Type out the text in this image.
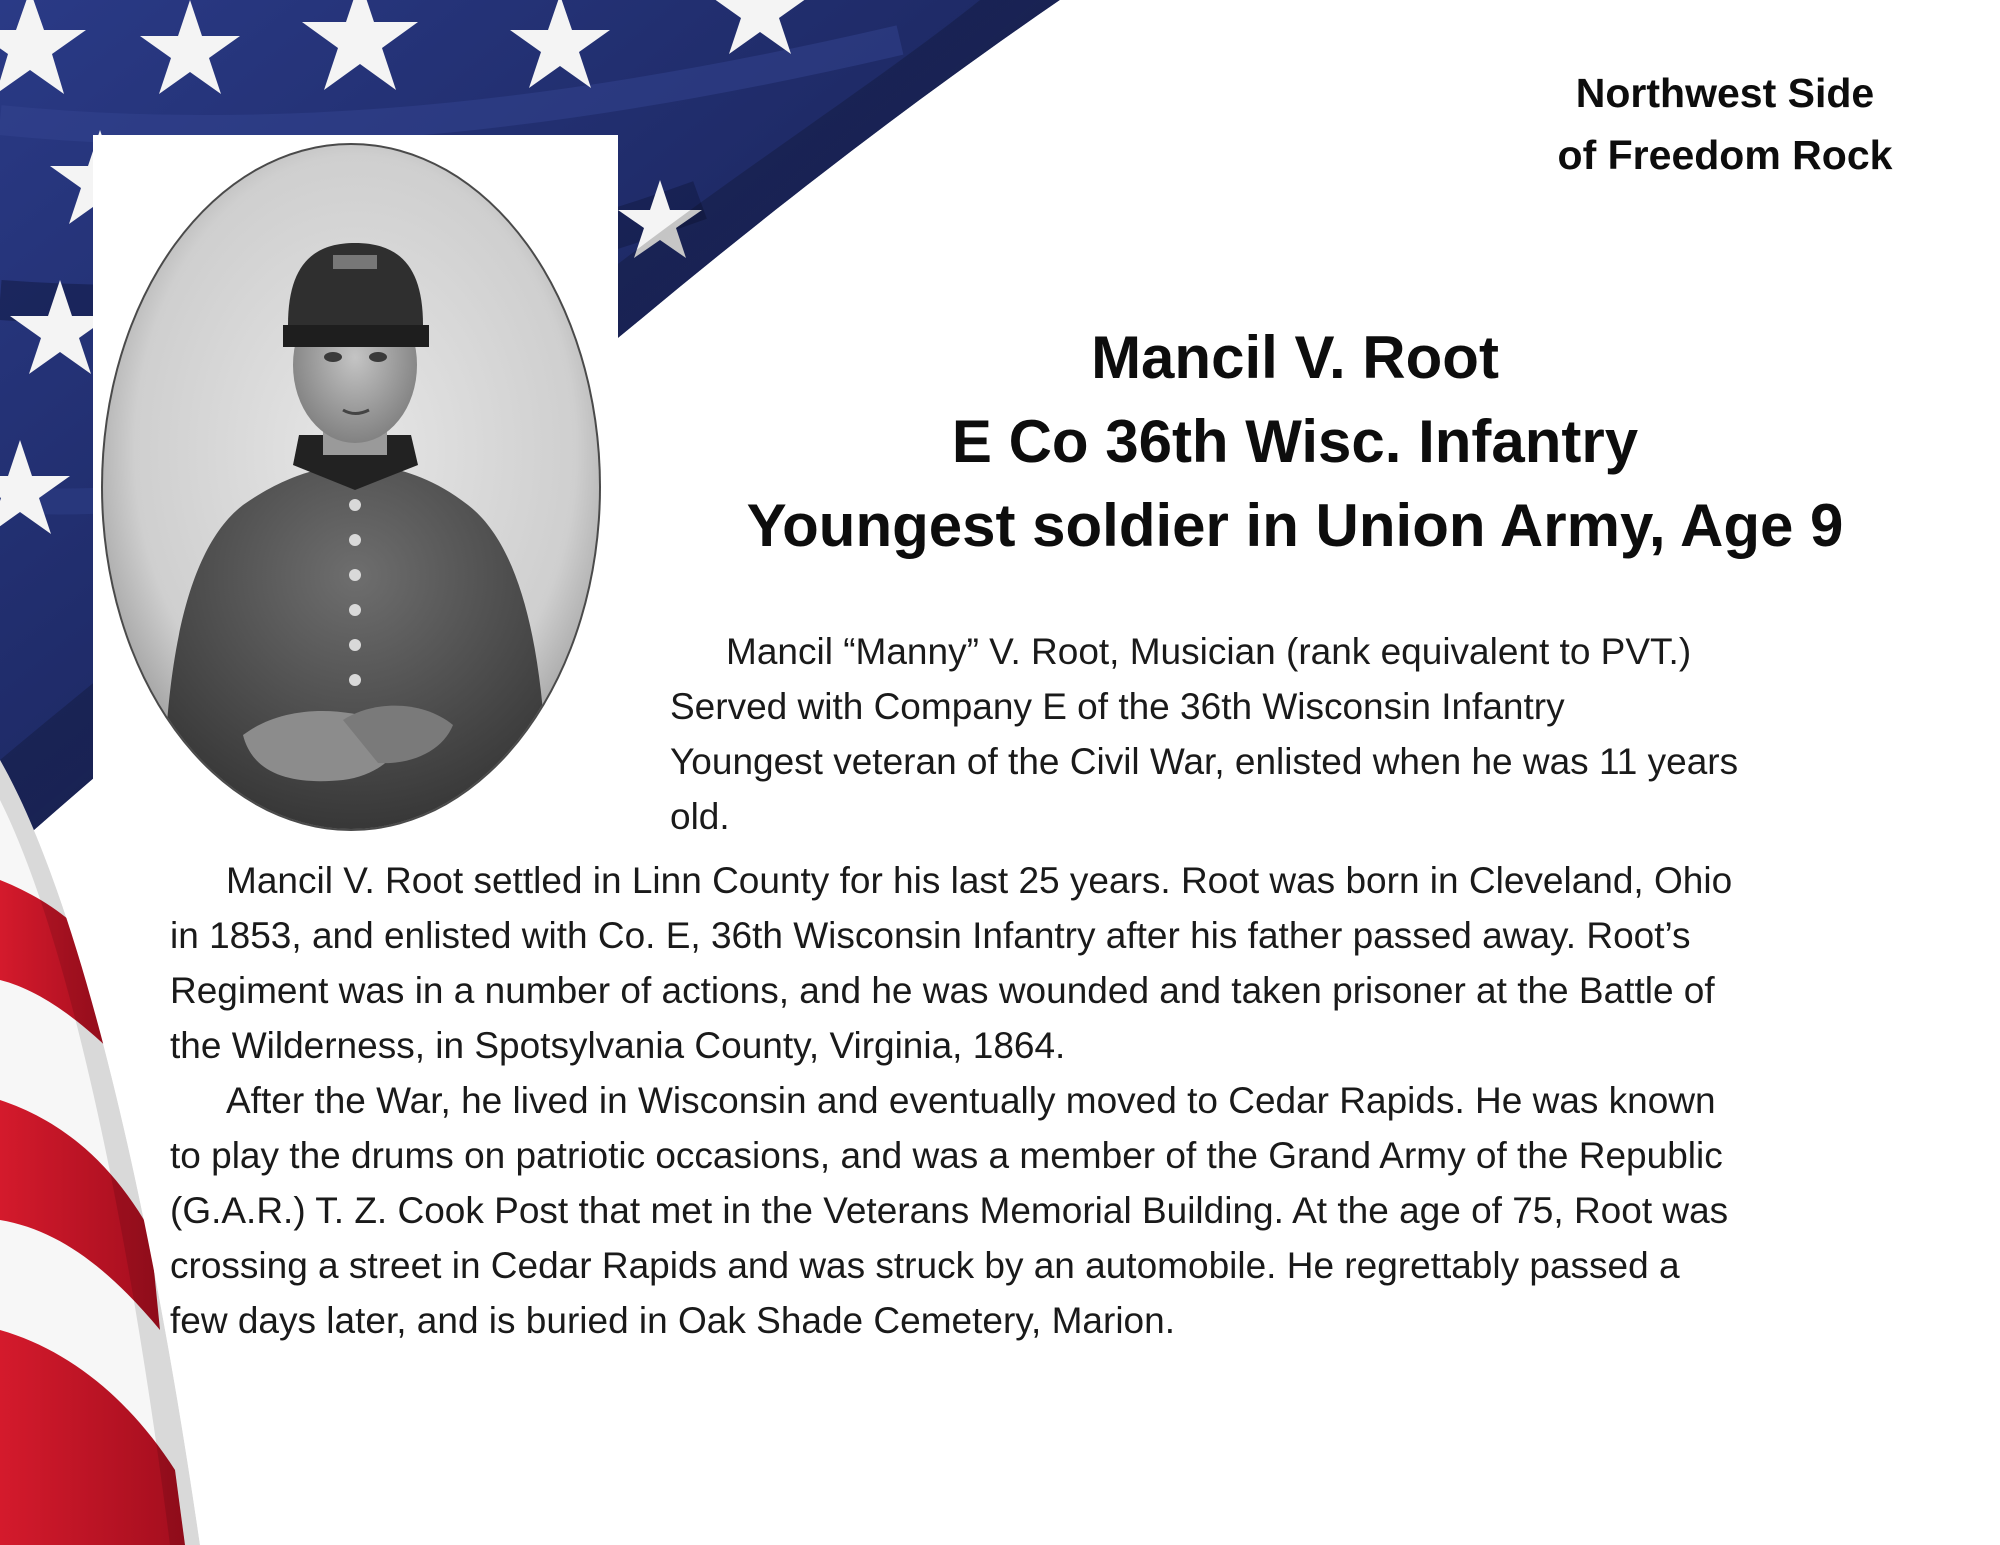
Northwest Side
of Freedom Rock
Mancil V. Root
E Co 36th Wisc. Infantry
Youngest soldier in Union Army, Age 9
Mancil “Manny” V. Root, Musician (rank equivalent to PVT.)
Served with Company E of the 36th Wisconsin Infantry
Youngest veteran of the Civil War, enlisted when he was 11 years
old.
Mancil V. Root settled in Linn County for his last 25 years. Root was born in Cleveland, Ohio
in 1853, and enlisted with Co. E, 36th Wisconsin Infantry after his father passed away. Root’s
Regiment was in a number of actions, and he was wounded and taken prisoner at the Battle of
the Wilderness, in Spotsylvania County, Virginia, 1864.
After the War, he lived in Wisconsin and eventually moved to Cedar Rapids. He was known
to play the drums on patriotic occasions, and was a member of the Grand Army of the Republic
(G.A.R.) T. Z. Cook Post that met in the Veterans Memorial Building. At the age of 75, Root was
crossing a street in Cedar Rapids and was struck by an automobile. He regrettably passed a
few days later, and is buried in Oak Shade Cemetery, Marion.
